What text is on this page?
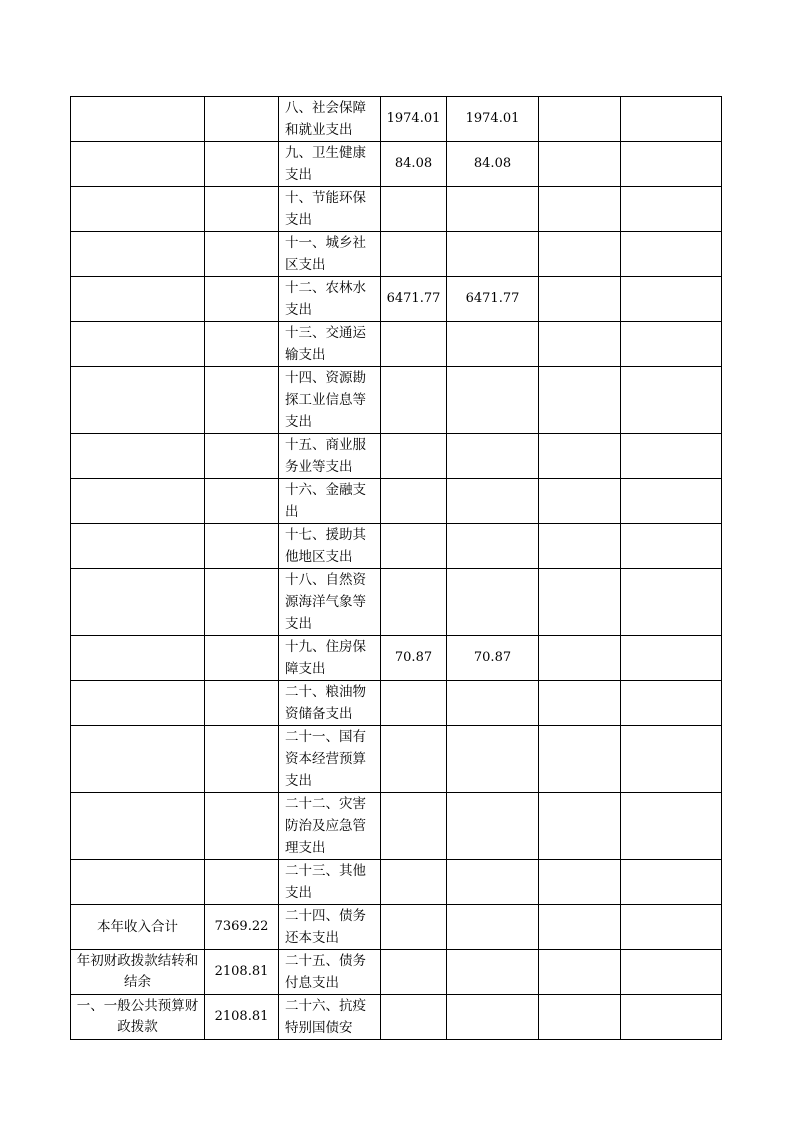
		八、社会保障和就业支出	1974.01	1974.01		
		九、卫生健康支出	84.08	84.08		
		十、节能环保支出				
		十一、城乡社区支出				
		十二、农林水支出	6471.77	6471.77		
		十三、交通运输支出				
		十四、资源勘探工业信息等支出				
		十五、商业服务业等支出				
		十六、金融支出				
		十七、援助其他地区支出				
		十八、自然资源海洋气象等支出				
		十九、住房保障支出	70.87	70.87		
		二十、粮油物资储备支出				
		二十一、国有资本经营预算支出				
		二十二、灾害防治及应急管理支出				
		二十三、其他支出				
本年收入合计	7369.22	二十四、债务还本支出				
年初财政拨款结转和结余	2108.81	二十五、债务付息支出				
一、一般公共预算财政拨款	2108.81	二十六、抗疫特别国债安				
